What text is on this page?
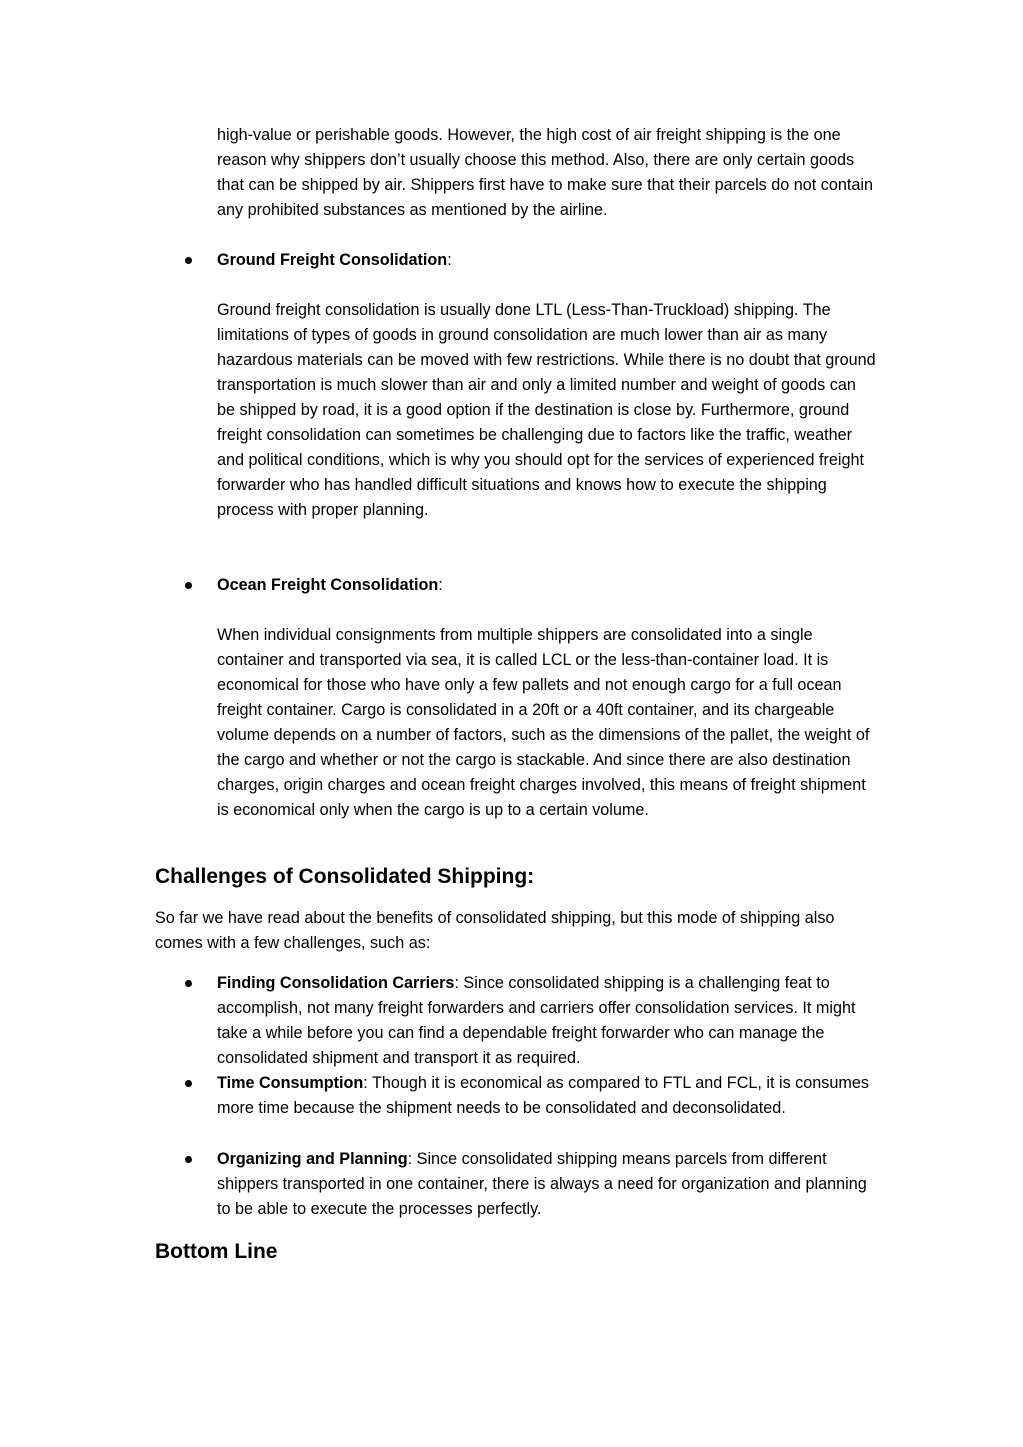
high-value or perishable goods. However, the high cost of air freight shipping is the one reason why shippers don’t usually choose this method. Also, there are only certain goods that can be shipped by air. Shippers first have to make sure that their parcels do not contain any prohibited substances as mentioned by the airline.

Ground Freight Consolidation:

Ground freight consolidation is usually done LTL (Less-Than-Truckload) shipping. The limitations of types of goods in ground consolidation are much lower than air as many hazardous materials can be moved with few restrictions. While there is no doubt that ground transportation is much slower than air and only a limited number and weight of goods can be shipped by road, it is a good option if the destination is close by. Furthermore, ground freight consolidation can sometimes be challenging due to factors like the traffic, weather and political conditions, which is why you should opt for the services of experienced freight forwarder who has handled difficult situations and knows how to execute the shipping process with proper planning.

Ocean Freight Consolidation:

When individual consignments from multiple shippers are consolidated into a single container and transported via sea, it is called LCL or the less-than-container load. It is economical for those who have only a few pallets and not enough cargo for a full ocean freight container. Cargo is consolidated in a 20ft or a 40ft container, and its chargeable volume depends on a number of factors, such as the dimensions of the pallet, the weight of the cargo and whether or not the cargo is stackable. And since there are also destination charges, origin charges and ocean freight charges involved, this means of freight shipment is economical only when the cargo is up to a certain volume.

Challenges of Consolidated Shipping:

So far we have read about the benefits of consolidated shipping, but this mode of shipping also comes with a few challenges, such as:

Finding Consolidation Carriers: Since consolidated shipping is a challenging feat to accomplish, not many freight forwarders and carriers offer consolidation services. It might take a while before you can find a dependable freight forwarder who can manage the consolidated shipment and transport it as required.
Time Consumption: Though it is economical as compared to FTL and FCL, it is consumes more time because the shipment needs to be consolidated and deconsolidated.
Organizing and Planning: Since consolidated shipping means parcels from different shippers transported in one container, there is always a need for organization and planning to be able to execute the processes perfectly.
Bottom Line
